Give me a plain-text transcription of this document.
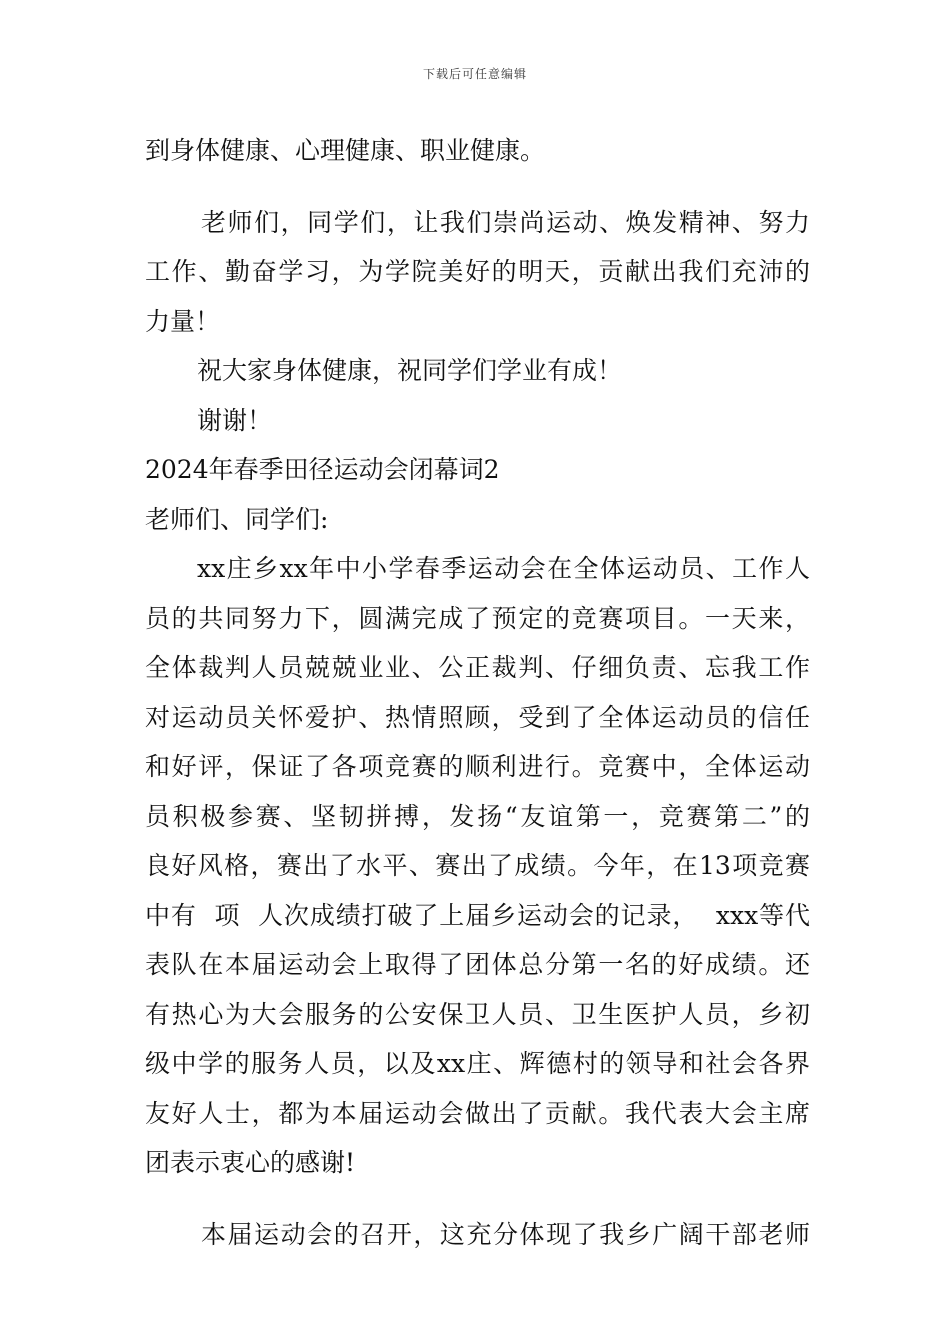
下载后可任意编辑
到身体健康、心理健康、职业健康。
老师们，同学们，让我们崇尚运动、焕发精神、努力
工作、勤奋学习，为学院美好的明天，贡献出我们充沛的
力量！
祝大家身体健康，祝同学们学业有成！
谢谢！
2024年春季田径运动会闭幕词2
老师们、同学们:
xx庄乡xx年中小学春季运动会在全体运动员、工作人
员的共同努力下，圆满完成了预定的竞赛项目。一天来，
全体裁判人员兢兢业业、公正裁判、仔细负责、忘我工作
对运动员关怀爱护、热情照顾，受到了全体运动员的信任
和好评，保证了各项竞赛的顺利进行。竞赛中，全体运动
员积极参赛、坚韧拼搏，发扬“友谊第一，竞赛第二”的
良好风格，赛出了水平、赛出了成绩。今年，在13项竞赛
中有  项  人次成绩打破了上届乡运动会的记录，  xxx等代
表队在本届运动会上取得了团体总分第一名的好成绩。还
有热心为大会服务的公安保卫人员、卫生医护人员，乡初
级中学的服务人员，以及xx庄、辉德村的领导和社会各界
友好人士，都为本届运动会做出了贡献。我代表大会主席
团表示衷心的感谢!
本届运动会的召开，这充分体现了我乡广阔干部老师
